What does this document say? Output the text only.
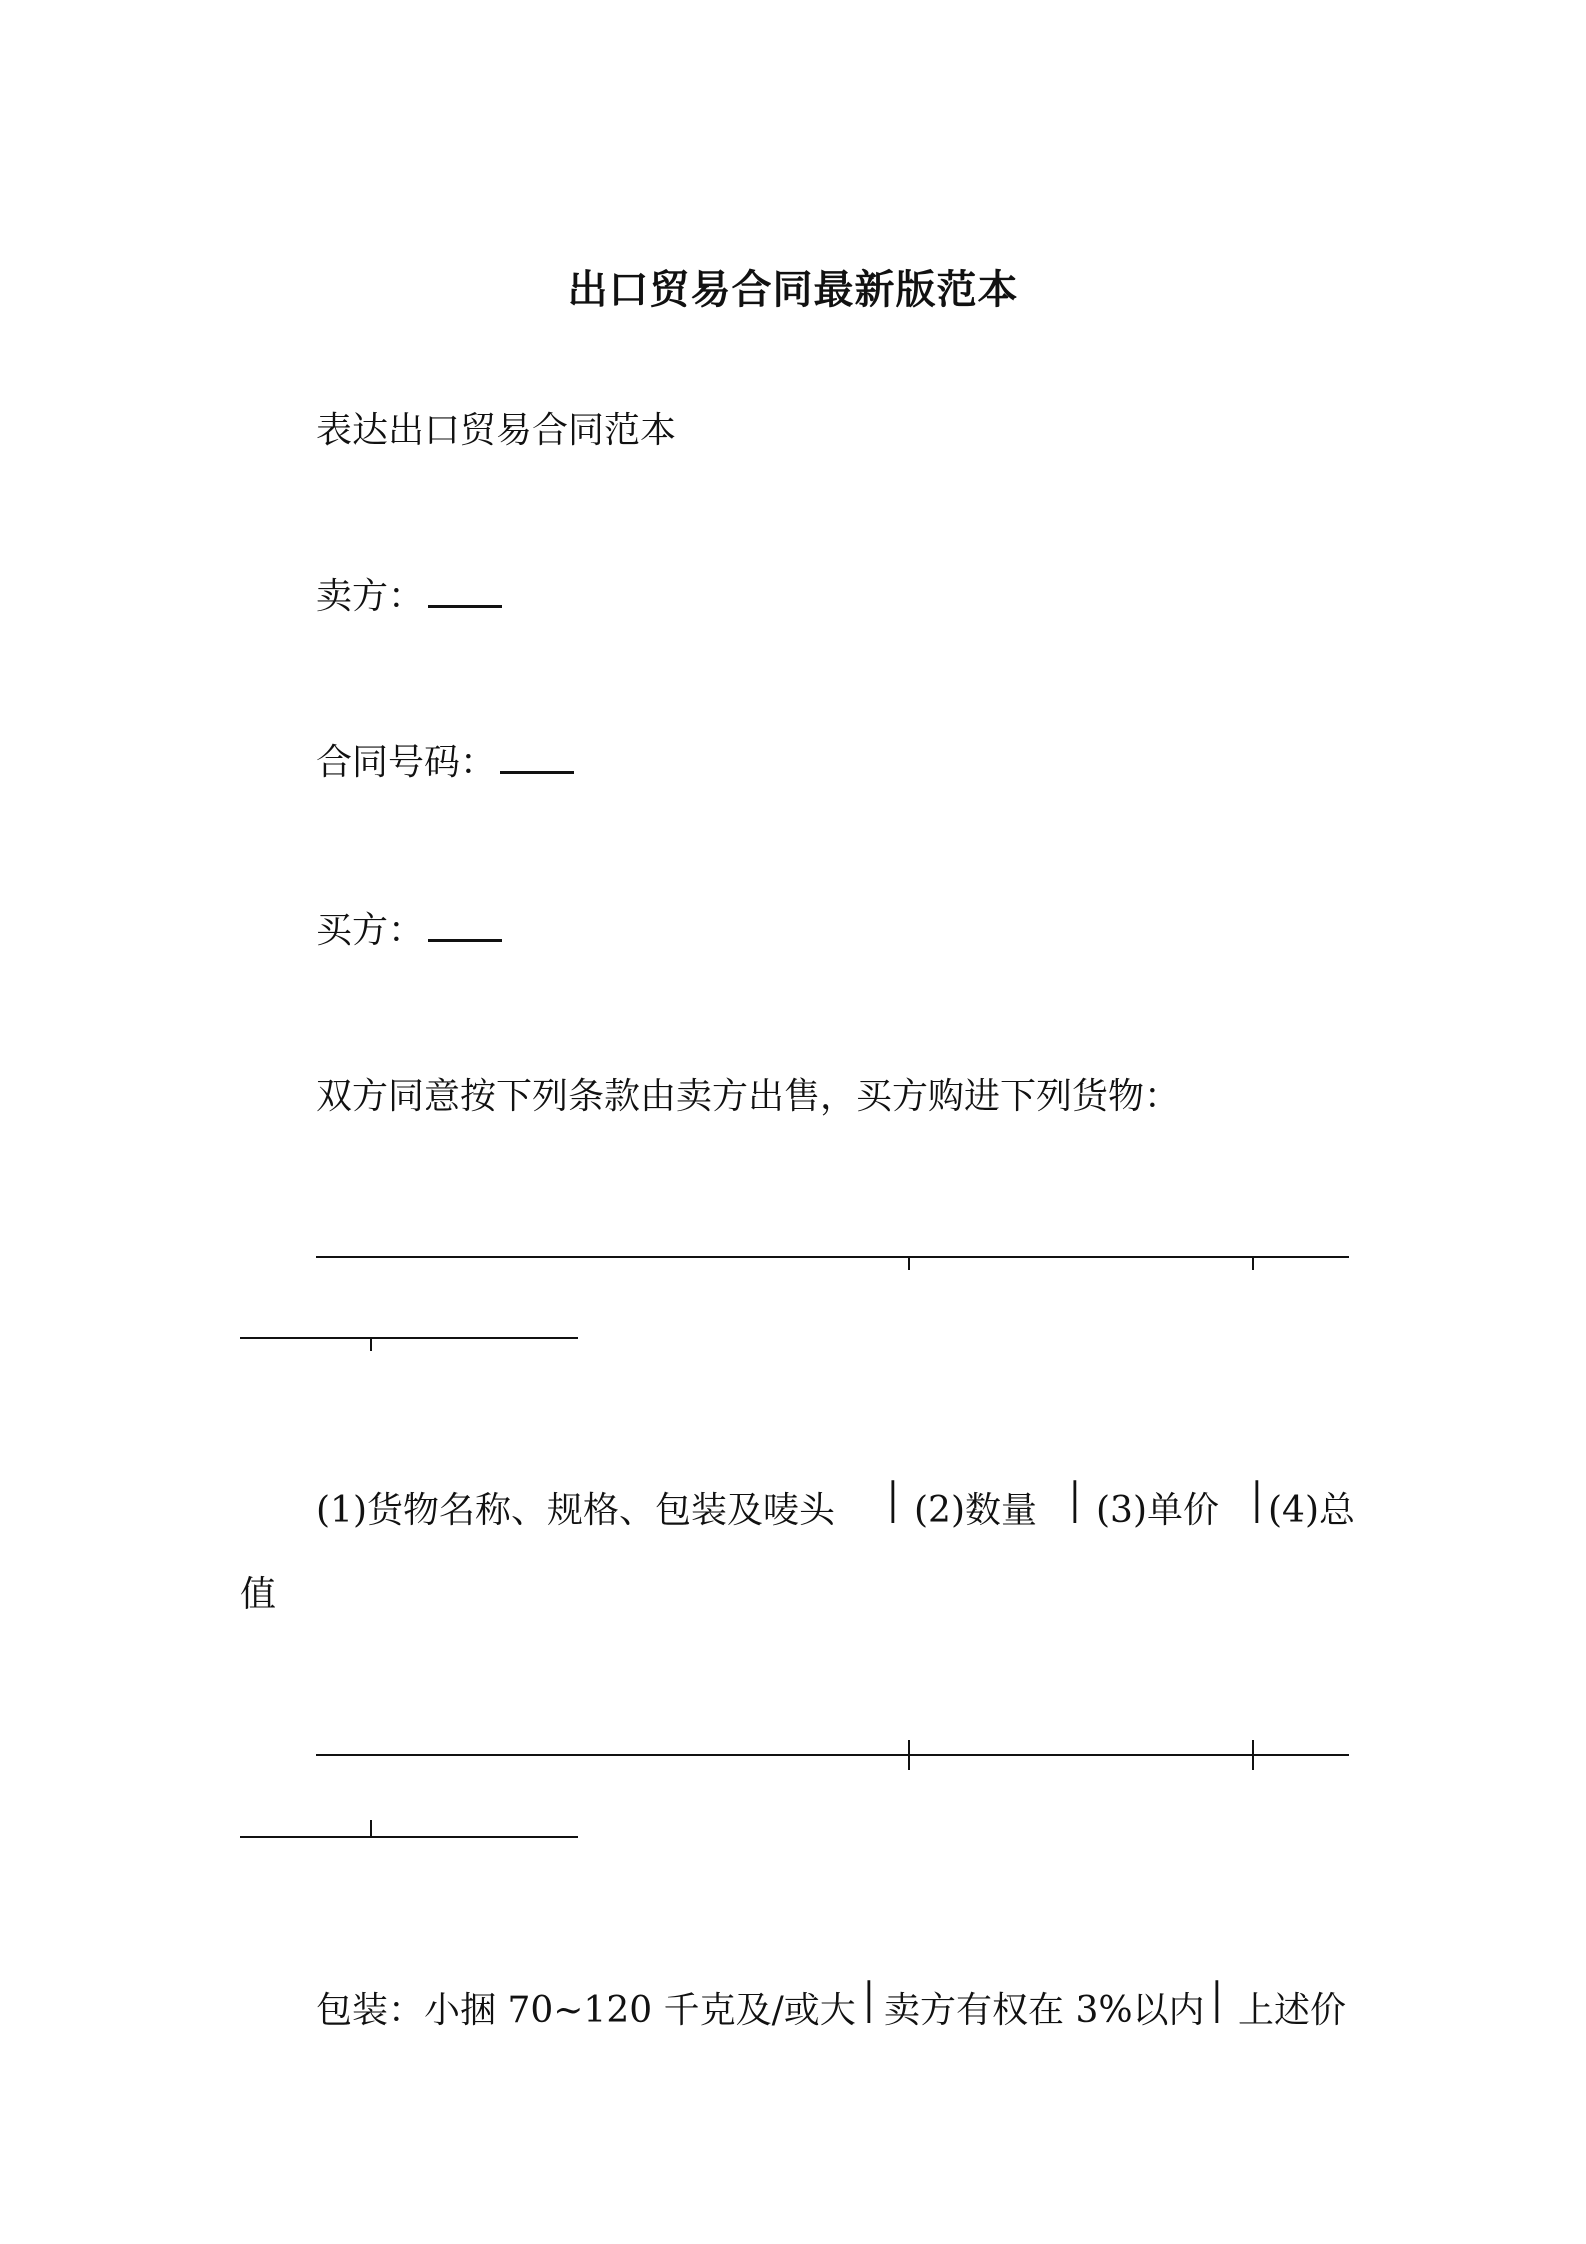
出口贸易合同最新版范本
表达出口贸易合同范本
卖方：
合同号码：
买方：
双方同意按下列条款由卖方出售，买方购进下列货物：
(1)货物名称、规格、包装及唛头 │ (2)数量 │ (3)单价 │ (4)总
值
包装：小捆 70~120 千克及/或大 │ 卖方有权在 3%以内 │ 上述价
